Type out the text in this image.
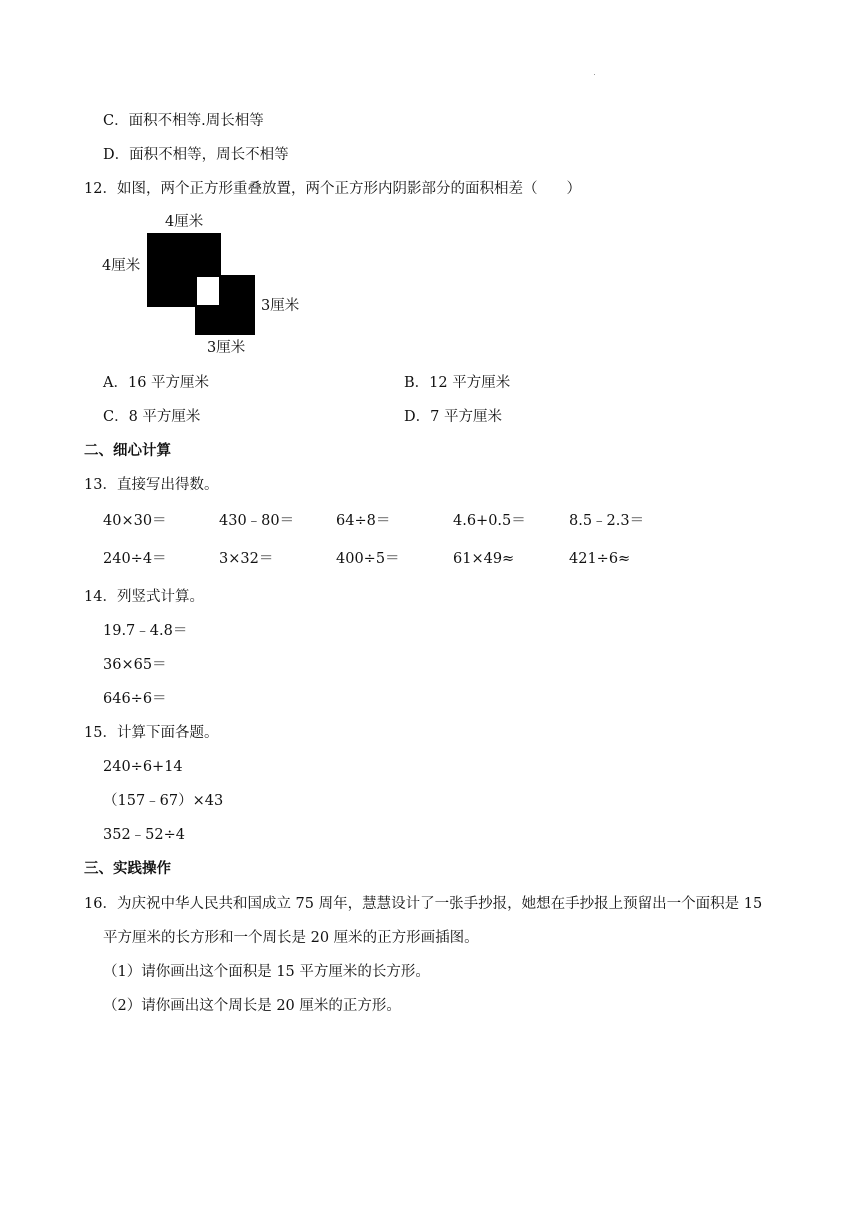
C．面积不相等.周长相等
D．面积不相等，周长不相等
12．如图，两个正方形重叠放置，两个正方形内阴影部分的面积相差（　　）
4厘米
4厘米
3厘米
3厘米
A．16 平方厘米	B．12 平方厘米
C．8 平方厘米	D．7 平方厘米
二、细心计算
13．直接写出得数。
40×30＝	430﹣80＝	64÷8＝	4.6+0.5＝	8.5﹣2.3＝
240÷4＝	3×32＝	400÷5＝	61×49≈	421÷6≈
14．列竖式计算。
19.7﹣4.8＝
36×65＝
646÷6＝
15．计算下面各题。
240÷6+14
（157﹣67）×43
352﹣52÷4
三、实践操作
16．为庆祝中华人民共和国成立 75 周年，慧慧设计了一张手抄报，她想在手抄报上预留出一个面积是 15
平方厘米的长方形和一个周长是 20 厘米的正方形画插图。
（1）请你画出这个面积是 15 平方厘米的长方形。
（2）请你画出这个周长是 20 厘米的正方形。
